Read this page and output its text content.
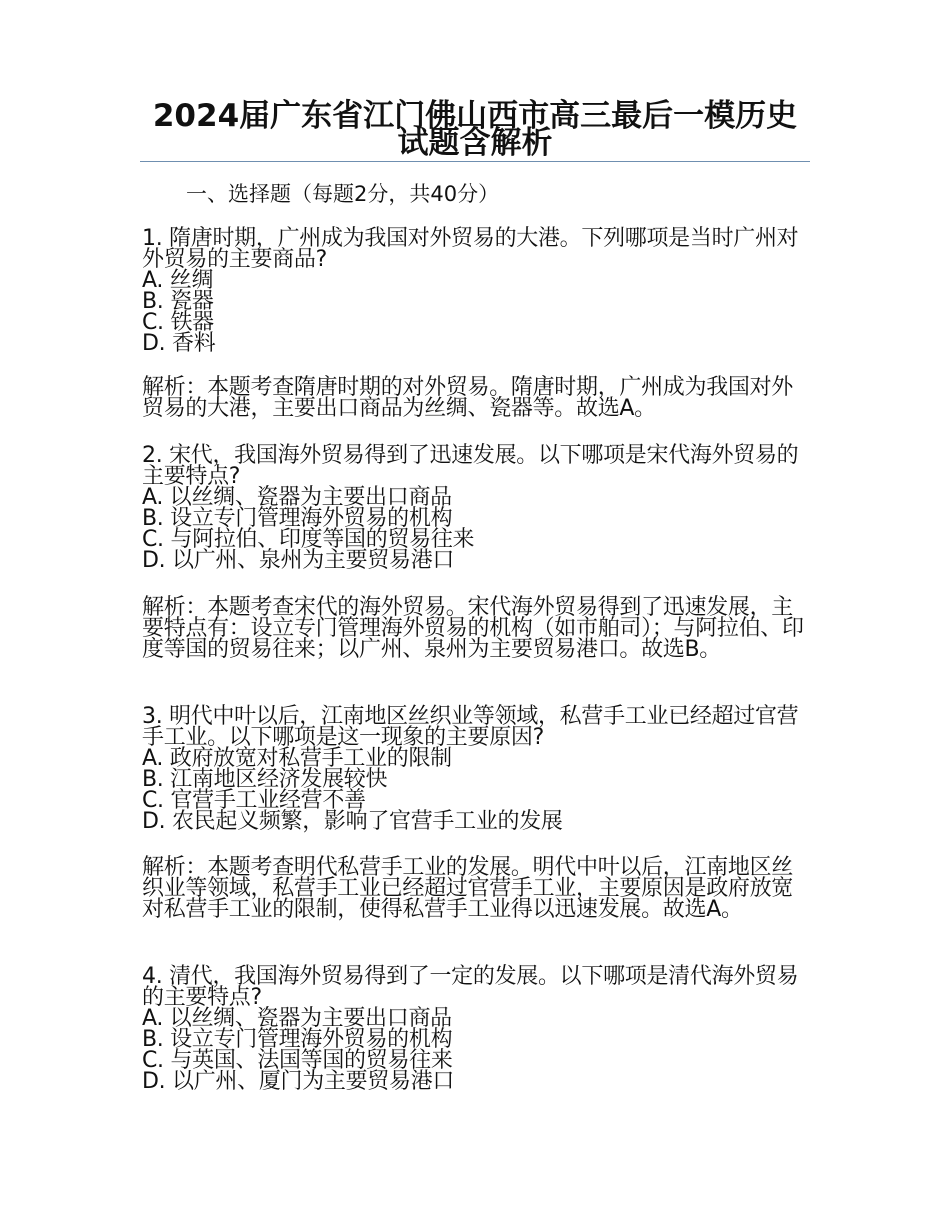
2024届广东省江门佛山西市高三最后一模历史试题含解析
一、选择题（每题2分，共40分）
1. 隋唐时期，广州成为我国对外贸易的大港。下列哪项是当时广州对外贸易的主要商品?
A. 丝绸
B. 瓷器
C. 铁器
D. 香料
解析：本题考查隋唐时期的对外贸易。隋唐时期，广州成为我国对外贸易的大港，主要出口商品为丝绸、瓷器等。故选A。
2. 宋代，我国海外贸易得到了迅速发展。以下哪项是宋代海外贸易的主要特点?
A. 以丝绸、瓷器为主要出口商品
B. 设立专门管理海外贸易的机构
C. 与阿拉伯、印度等国的贸易往来
D. 以广州、泉州为主要贸易港口
解析：本题考查宋代的海外贸易。宋代海外贸易得到了迅速发展，主要特点有：设立专门管理海外贸易的机构（如市舶司）；与阿拉伯、印度等国的贸易往来；以广州、泉州为主要贸易港口。故选B。
3. 明代中叶以后，江南地区丝织业等领域，私营手工业已经超过官营手工业。以下哪项是这一现象的主要原因?
A. 政府放宽对私营手工业的限制
B. 江南地区经济发展较快
C. 官营手工业经营不善
D. 农民起义频繁，影响了官营手工业的发展
解析：本题考查明代私营手工业的发展。明代中叶以后，江南地区丝织业等领域，私营手工业已经超过官营手工业，主要原因是政府放宽对私营手工业的限制，使得私营手工业得以迅速发展。故选A。
4. 清代，我国海外贸易得到了一定的发展。以下哪项是清代海外贸易的主要特点?
A. 以丝绸、瓷器为主要出口商品
B. 设立专门管理海外贸易的机构
C. 与英国、法国等国的贸易往来
D. 以广州、厦门为主要贸易港口
